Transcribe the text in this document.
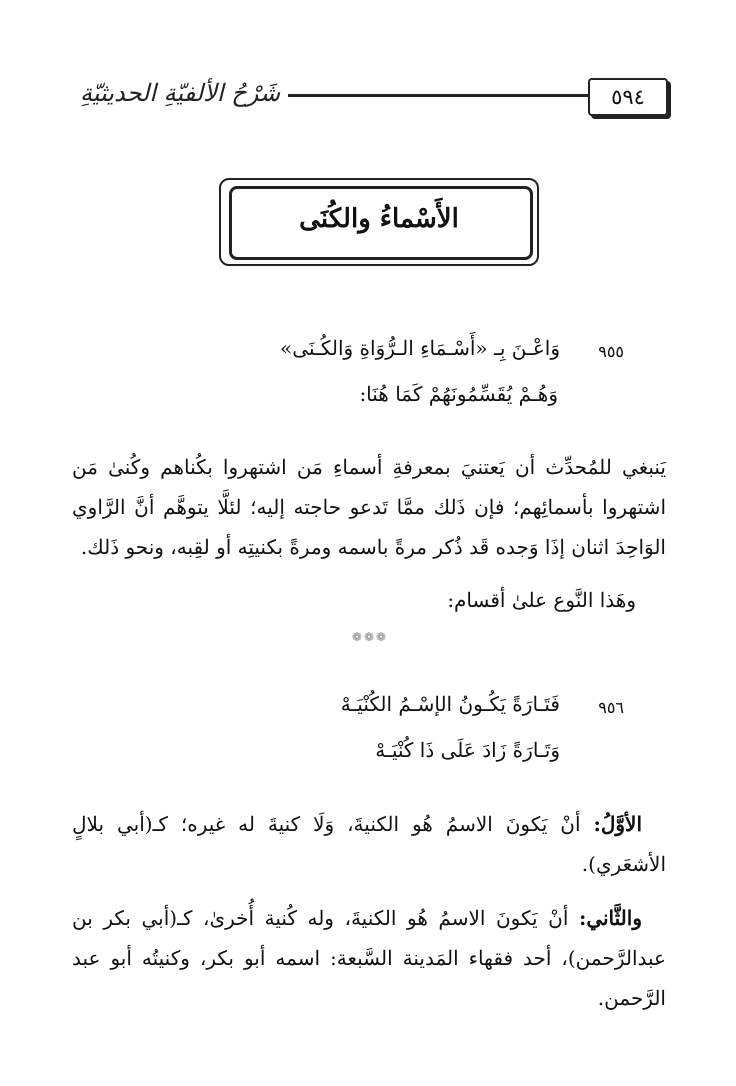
شَرْحُ الألفيّةِ الحديثيّةِ	٥٩٤
الأَسْماءُ والكُنَى
٩٥٥
وَاعْـنَ بِـ «أَسْـمَاءِ الـرُّوَاةِ وَالكُـنَى»
وَهُـمْ يُقَسِّمُونَهُمْ كَمَا هُنَا:

يَنبغي للمُحدِّث أن يَعتنيَ بمعرفةِ أسماءِ مَن اشتهروا بكُناهم وكُنىٰ مَن اشتهروا بأسمائِهم؛ فإن ذَلك ممَّا تَدعو حاجته إليه؛ لئلَّا يتوهَّم أنَّ الرَّاوي الوَاحِدَ اثنان إذَا وَجده قَد ذُكر مرةً باسمه ومرةً بكنيتِه أو لقِبه، ونحو ذَلك.

وهَذا النَّوع علىٰ أقسام:

❁❁❁
٩٥٦
فَتَـارَةً يَكُـونُ الإسْـمُ الكُنْيَـهْ
وَتَـارَةً زَادَ عَلَى ذَا كُنْيَـهْ

الأوَّلُ: أنْ يَكونَ الاسمُ هُو الكنيةَ، وَلَا كنيةَ له غيره؛ كـ(أبي بلالٍ الأشعَري).

والثَّاني: أنْ يَكونَ الاسمُ هُو الكنيةَ، وله كُنية أُخرىٰ، كـ(أبي بكر بن عبدالرَّحمن)، أحد فقهاء المَدينة السَّبعة: اسمه أبو بكر، وكنيتُه أبو عبد الرَّحمن.
